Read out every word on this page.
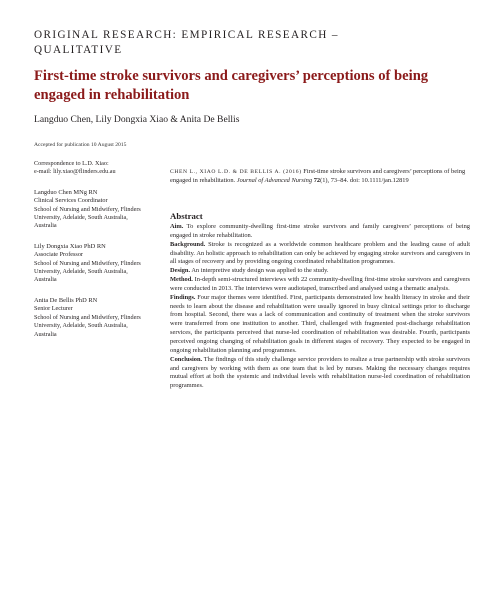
ORIGINAL RESEARCH: EMPIRICAL RESEARCH –
QUALITATIVE
First-time stroke survivors and caregivers’ perceptions of being
engaged in rehabilitation
Langduo Chen, Lily Dongxia Xiao & Anita De Bellis
Accepted for publication 10 August 2015
Correspondence to L.D. Xiao:
e-mail: lily.xiao@flinders.edu.au
Langduo Chen MNg RN
Clinical Services Coordinator
School of Nursing and Midwifery, Flinders
University, Adelaide, South Australia,
Australia
Lily Dongxia Xiao PhD RN
Associate Professor
School of Nursing and Midwifery, Flinders
University, Adelaide, South Australia,
Australia
Anita De Bellis PhD RN
Senior Lecturer
School of Nursing and Midwifery, Flinders
University, Adelaide, South Australia,
Australia
CHEN L., XIAO L.D. & DE BELLIS A. (2016) First-time stroke survivors and caregivers’ perceptions of being engaged in rehabilitation. Journal of Advanced Nursing 72(1), 73–84. doi: 10.1111/jan.12819
Abstract

Aim. To explore community-dwelling first-time stroke survivors and family caregivers’ perceptions of being engaged in stroke rehabilitation.

Background. Stroke is recognized as a worldwide common healthcare problem and the leading cause of adult disability. An holistic approach to rehabilitation can only be achieved by engaging stroke survivors and caregivers in all stages of recovery and by providing ongoing coordinated rehabilitation programmes.

Design. An interpretive study design was applied to the study.

Method. In-depth semi-structured interviews with 22 community-dwelling first-time stroke survivors and caregivers were conducted in 2013. The interviews were audiotaped, transcribed and analysed using a thematic analysis.

Findings. Four major themes were identified. First, participants demonstrated low health literacy in stroke and their needs to learn about the disease and rehabilitation were usually ignored in busy clinical settings prior to discharge from hospital. Second, there was a lack of communication and continuity of treatment when the stroke survivors were transferred from one institution to another. Third, challenged with fragmented post-discharge rehabilitation services, the participants perceived that nurse-led coordination of rehabilitation was desirable. Fourth, participants perceived ongoing changing of rehabilitation goals in different stages of recovery. They expected to be engaged in ongoing rehabilitation planning and programmes.

Conclusion. The findings of this study challenge service providers to realize a true partnership with stroke survivors and caregivers by working with them as one team that is led by nurses. Making the necessary changes requires mutual effort at both the systemic and individual levels with rehabilitation nurse-led coordination of rehabilitation programmes.
